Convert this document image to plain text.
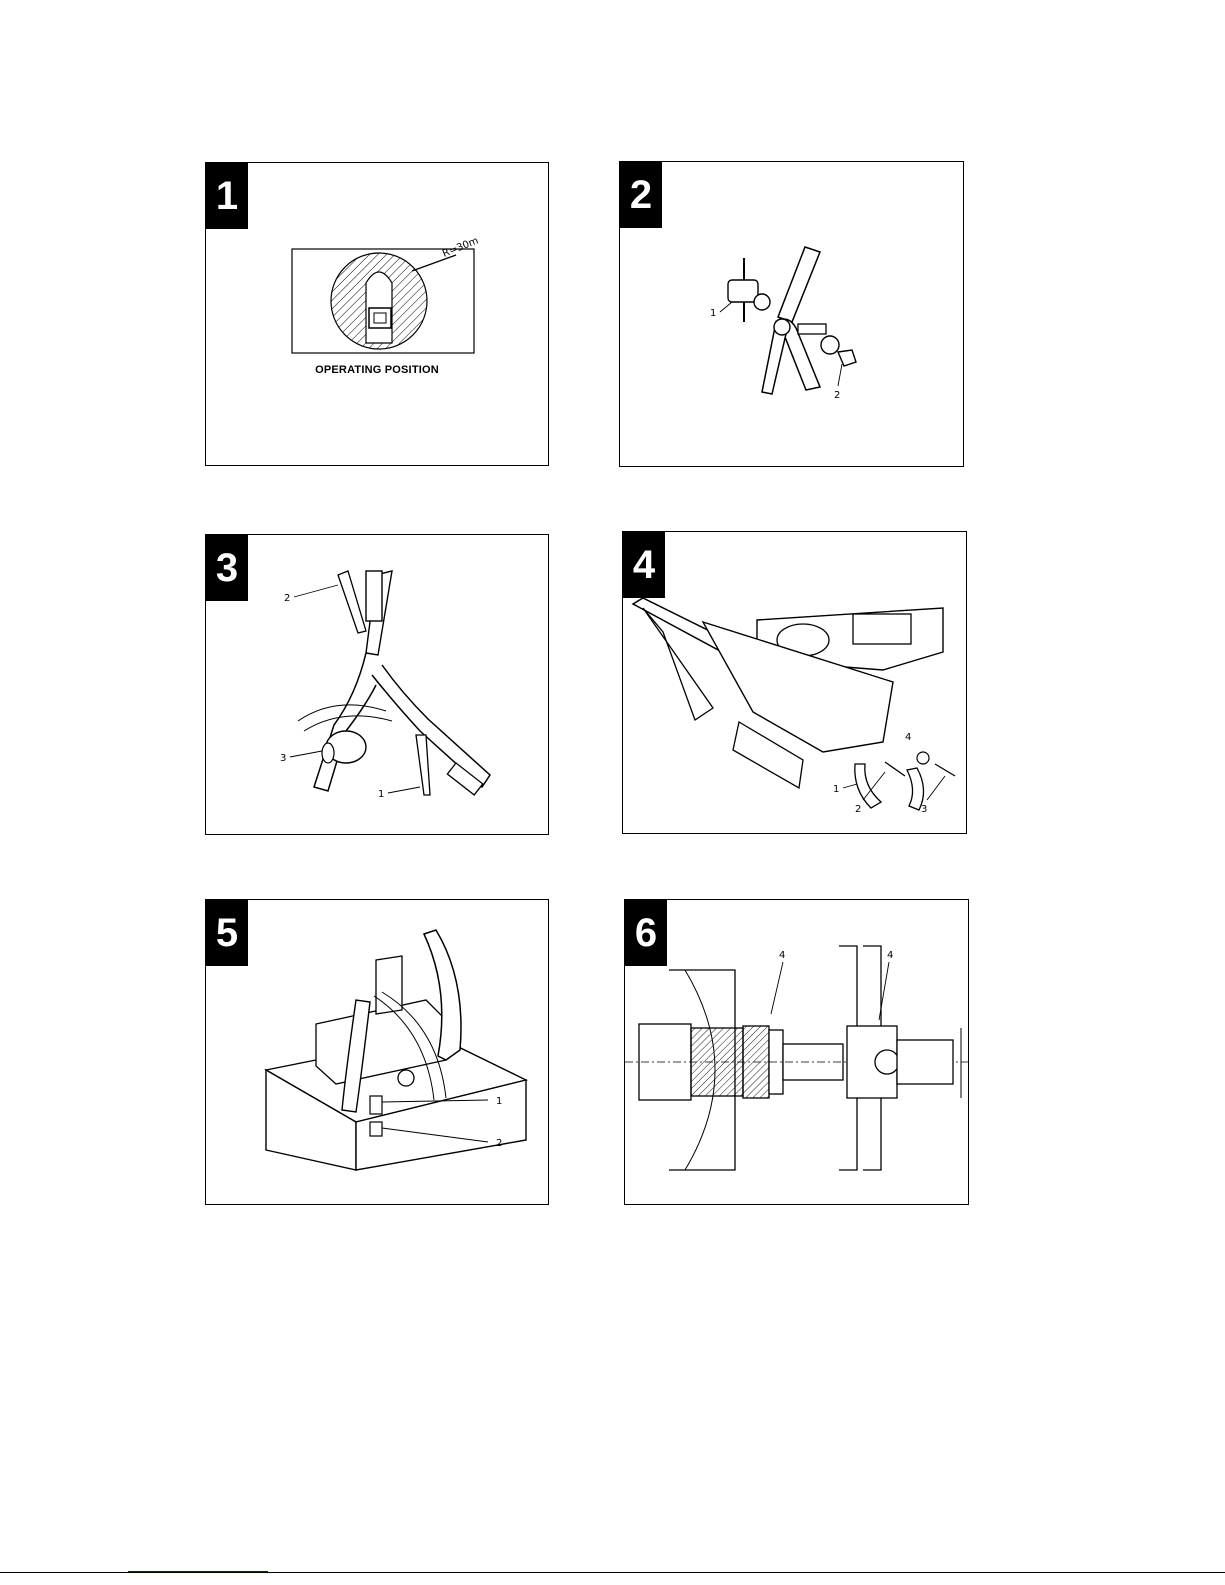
1
R=30m
OPERATING POSITION
2
1
2
3
2
3
1
4
4
1
2	3
5
1
2
6
4	4
